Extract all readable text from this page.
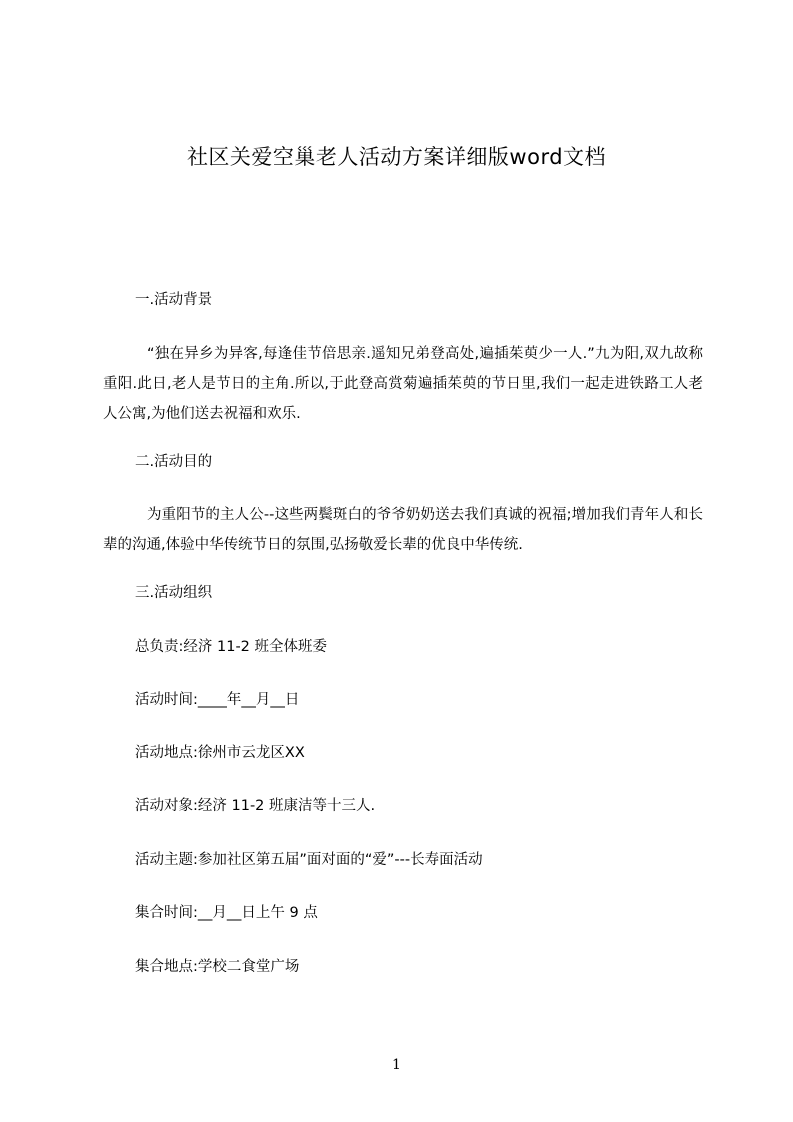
社区关爱空巢老人活动方案详细版word文档
一.活动背景
“独在异乡为异客,每逢佳节倍思亲.遥知兄弟登高处,遍插茱萸少一人.”九为阳,双九故称重阳.此日,老人是节日的主角.所以,于此登高赏菊遍插茱萸的节日里,我们一起走进铁路工人老人公寓,为他们送去祝福和欢乐.
二.活动目的
为重阳节的主人公--这些两鬓斑白的爷爷奶奶送去我们真诚的祝福;增加我们青年人和长辈的沟通,体验中华传统节日的氛围,弘扬敬爱长辈的优良中华传统.
三.活动组织
总负责:经济 11-2 班全体班委
活动时间:____年__月__日
活动地点:徐州市云龙区XX
活动对象:经济 11-2 班康洁等十三人.
活动主题:参加社区第五届”面对面的“爱”---长寿面活动
集合时间:__月__日上午 9 点
集合地点:学校二食堂广场
1
